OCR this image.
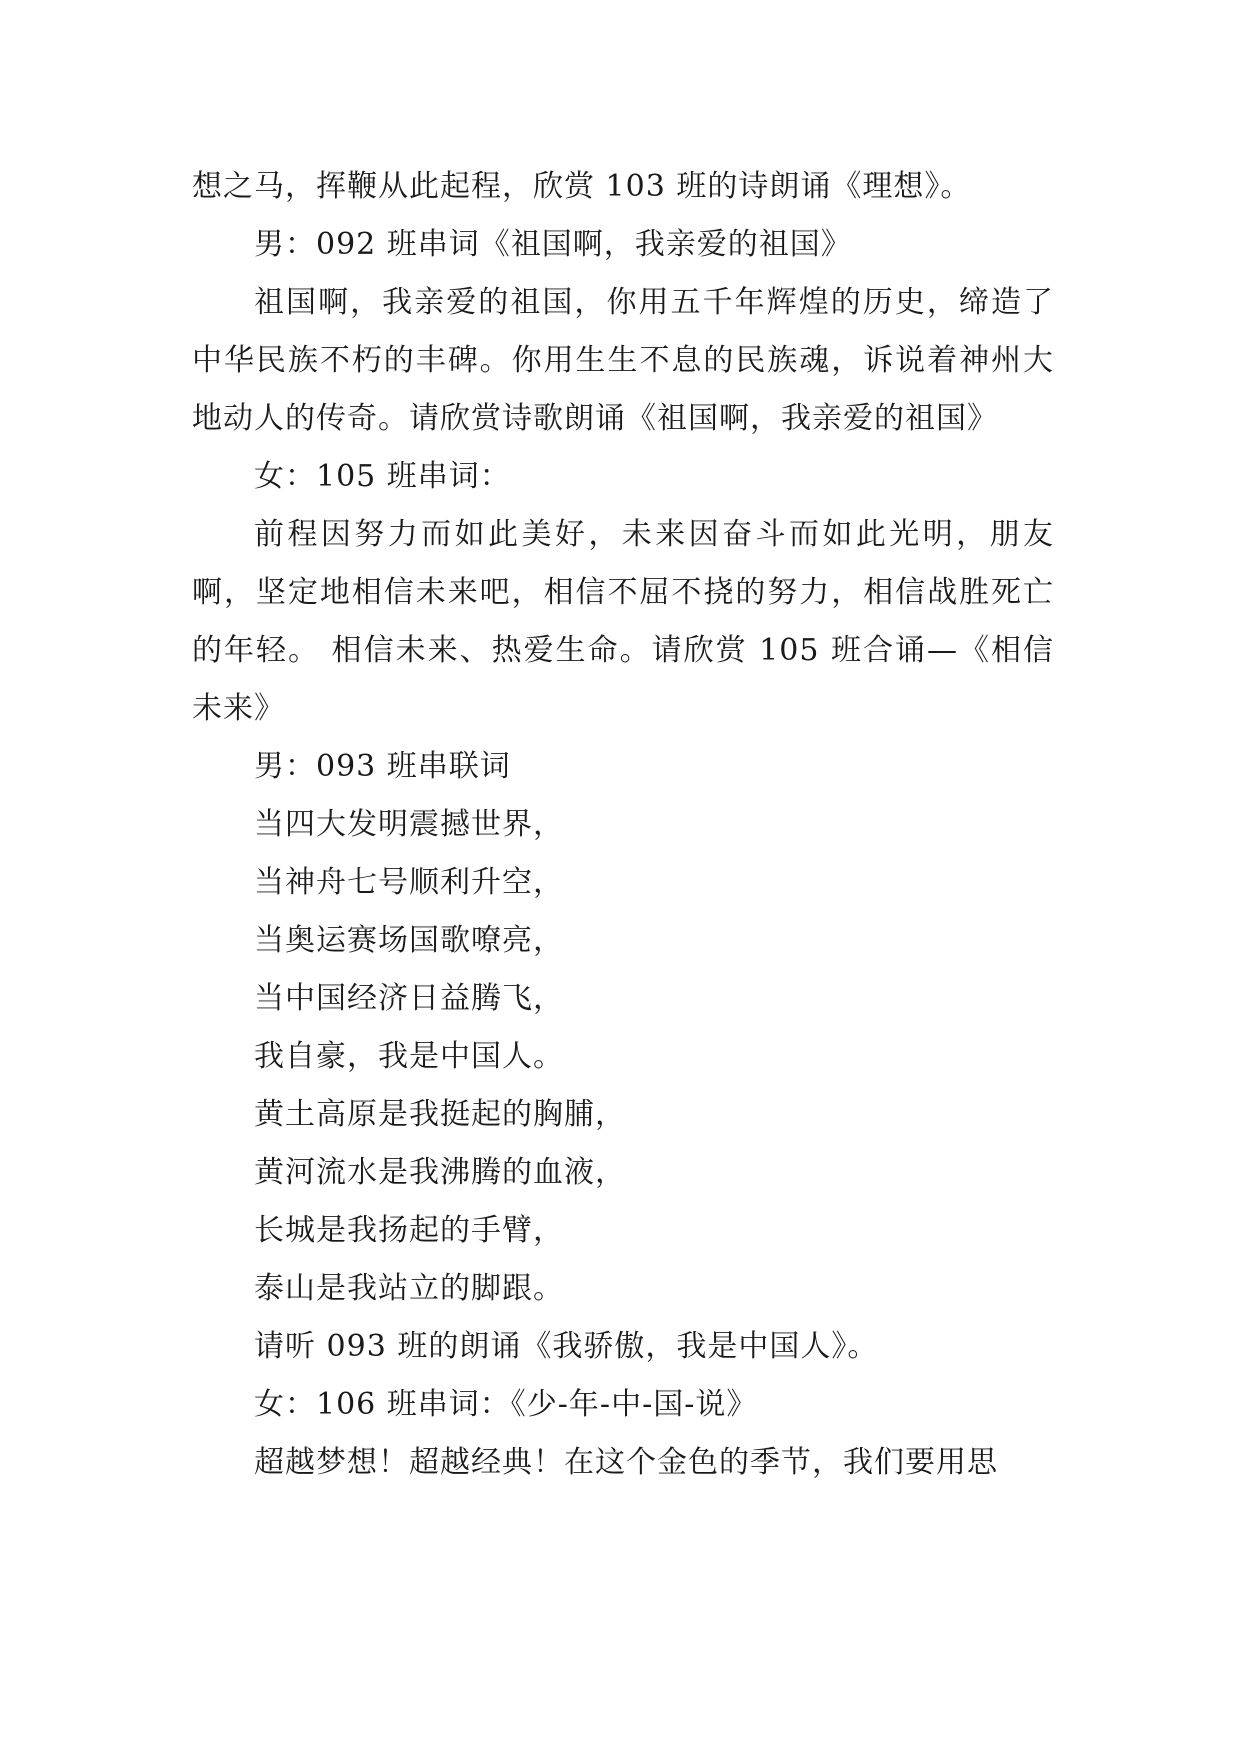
想之马，挥鞭从此起程，欣赏 103 班的诗朗诵《理想》。

男：092 班串词《祖国啊，我亲爱的祖国》

祖国啊，我亲爱的祖国，你用五千年辉煌的历史，缔造了中华民族不朽的丰碑。你用生生不息的民族魂，诉说着神州大地动人的传奇。请欣赏诗歌朗诵《祖国啊，我亲爱的祖国》

女：105 班串词：

前程因努力而如此美好，未来因奋斗而如此光明，朋友啊，坚定地相信未来吧，相信不屈不挠的努力，相信战胜死亡的年轻。 相信未来、热爱生命。请欣赏 105 班合诵—《相信未来》

男：093 班串联词

当四大发明震撼世界，

当神舟七号顺利升空，

当奥运赛场国歌嘹亮，

当中国经济日益腾飞，

我自豪，我是中国人。

黄土高原是我挺起的胸脯，

黄河流水是我沸腾的血液，

长城是我扬起的手臂，

泰山是我站立的脚跟。

请听 093 班的朗诵《我骄傲，我是中国人》。

女：106 班串词：《少-年-中-国-说》

超越梦想！超越经典！在这个金色的季节，我们要用思
